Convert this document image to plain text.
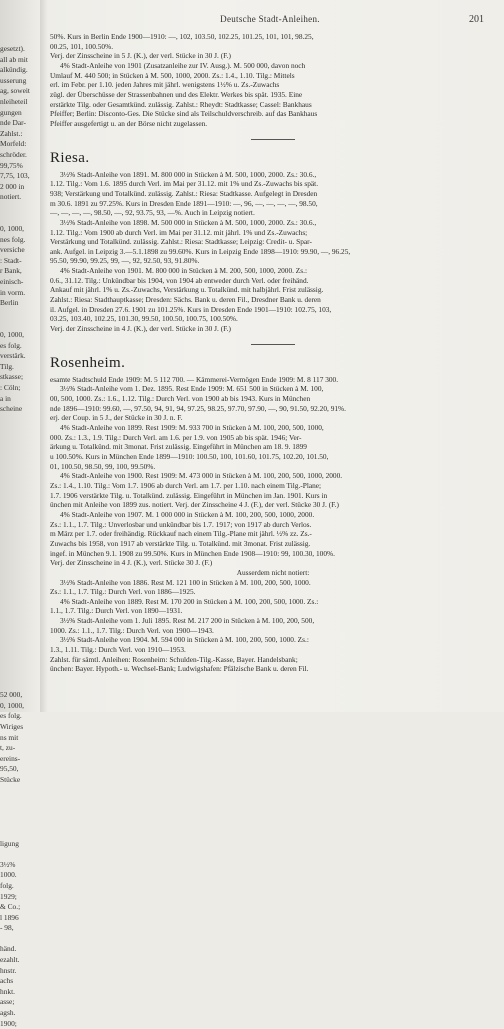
gesetzt).
all ab mit
alkündig.
usserung
ag, soweit
nleiheteil
gungen
nde Dar-
Zahlst.:
Morfeld:
schröder.
99,75%
7,75, 103,
2 000 in
notiert.
0, 1000,
nes folg.
versiche
: Stadt-
r Bank,
einisch-
in vorm.
Berlin
0, 1000,
es folg.
verstärk.
Tilg.
stkasse;
: Cöln;
a in
scheine
52 000,
0, 1000,
es folg.
Wiriges
ns mit
t, zu-
ereins-
95,50,
Stücke
ligung
3½%
1000.
folg.
1929;
& Co.;
l 1896
- 98,
händ.
ezahlt.
hnstr.
achs
hnkt.
asse;
agsh.
1900;
Deutsche Stadt-Anleihen.	201

50%. Kurs in Berlin Ende 1900—1910: —, 102, 103.50, 102.25, 101.25, 101, 101, 98.25,

00.25, 101, 100.50%.

Verj. der Zinsscheine in 5 J. (K.), der verl. Stücke in 30 J. (F.)

4% Stadt-Anleihe von 1901 (Zusatzanleihe zur IV. Ausg.). M. 500 000, davon noch

Umlauf M. 440 500; in Stücken à M. 500, 1000, 2000. Zs.: 1.4., 1.10. Tilg.: Mittels

erl. im Febr. per 1.10. jeden Jahres mit jährl. wenigstens 1½% u. Zs.-Zuwachs

zügl. der Überschüsse der Strassenbahnen und des Elektr. Werkes bis spät. 1935. Eine

erstärkte Tilg. oder Gesamtkünd. zulässig. Zahlst.: Rheydt: Stadtkasse; Cassel: Bankhaus

Pfeiffer; Berlin: Disconto-Ges. Die Stücke sind als Teilschuldverschreib. auf das Bankhaus

Pfeiffer ausgefertigt u. an der Börse nicht zugelassen.

Riesa.

3½% Stadt-Anleihe von 1891. M. 800 000 in Stücken à M. 500, 1000, 2000. Zs.: 30.6.,

1.12. Tilg.: Vom 1.6. 1895 durch Verl. im Mai per 31.12. mit 1% und Zs.-Zuwachs bis spät.

938; Verstärkung und Totalkünd. zulässig. Zahlst.: Riesa: Stadtkasse. Aufgelegt in Dresden

m 30.6. 1891 zu 97.25%. Kurs in Dresden Ende 1891—1910: —, 96, —, —, —, —, 98.50,

—, —, —, —, 98.50, —, 92, 93.75, 93, —%. Auch in Leipzig notiert.

3½% Stadt-Anleihe von 1898. M. 500 000 in Stücken à M. 500, 1000, 2000. Zs.: 30.6.,

1.12. Tilg.: Vom 1900 ab durch Verl. im Mai per 31.12. mit jährl. 1% und Zs.-Zuwachs;

Verstärkung und Totalkünd. zulässig. Zahlst.: Riesa: Stadtkasse; Leipzig: Credit- u. Spar-

ank. Aufgel. in Leipzig 3.—5.1.1898 zu 99.60%. Kurs in Leipzig Ende 1898—1910: 99.90, —, 96.25,

95.50, 99.90, 99.25, 99, —, 92, 92.50, 93, 91.80%.

4% Stadt-Anleihe von 1901. M. 800 000 in Stücken à M. 200, 500, 1000, 2000. Zs.:

0.6., 31.12. Tilg.: Unkündbar bis 1904, von 1904 ab entweder durch Verl. oder freihänd.

Ankauf mit jährl. 1% u. Zs.-Zuwachs, Verstärkung u. Totalkünd. mit halbjährl. Frist zulässig.

Zahlst.: Riesa: Stadthauptkasse; Dresden: Sächs. Bank u. deren Fil., Dresdner Bank u. deren

il. Aufgel. in Dresden 27.6. 1901 zu 101.25%. Kurs in Dresden Ende 1901—1910: 102.75, 103,

03.25, 103.40, 102.25, 101.30, 99.50, 100.50, 100.75, 100.50%.

Verj. der Zinsscheine in 4 J. (K.), der verl. Stücke in 30 J. (F.)

Rosenheim.

esamte Stadtschuld Ende 1909: M. 5 112 700. — Kämmerei-Vermögen Ende 1909: M. 8 117 300.

3½% Stadt-Anleihe vom 1. Dez. 1895. Rest Ende 1909: M. 651 500 in Stücken à M. 100,

00, 500, 1000. Zs.: 1.6., 1.12. Tilg.: Durch Verl. von 1900 ab bis 1943. Kurs in München

nde 1896—1910: 99.60, —, 97.50, 94, 91, 94, 97.25, 98.25, 97.70, 97.90, —, 90, 91.50, 92.20, 91%.

erj. der Coup. in 5 J., der Stücke in 30 J. n. F.

4% Stadt-Anleihe von 1899. Rest 1909: M. 933 700 in Stücken à M. 100, 200, 500, 1000,

000. Zs.: 1.3., 1.9. Tilg.: Durch Verl. am 1.6. per 1.9. von 1905 ab bis spät. 1946; Ver-

ärkung u. Totalkünd. mit 3monat. Frist zulässig. Eingeführt in München am 18. 9. 1899

u 100.50%. Kurs in München Ende 1899—1910: 100.50, 100, 101.60, 101.75, 102.20, 101.50,

01, 100.50, 98.50, 99, 100, 99.50%.

4% Stadt-Anleihe von 1900. Rest 1909: M. 473 000 in Stücken à M. 100, 200, 500, 1000, 2000.

Zs.: 1.4., 1.10. Tilg.: Vom 1.7. 1906 ab durch Verl. am 1.7. per 1.10. nach einem Tilg.-Plane;

1.7. 1906 verstärkte Tilg. u. Totalkünd. zulässig. Eingeführt in München im Jan. 1901. Kurs in

ünchen mit Anleihe von 1899 zus. notiert. Verj. der Zinsscheine 4 J. (F.), der verl. Stücke 30 J. (F.)

4% Stadt-Anleihe von 1907. M. 1 000 000 in Stücken à M. 100, 200, 500, 1000, 2000.

Zs.: 1.1., 1.7. Tilg.: Unverlosbar und unkündbar bis 1.7. 1917; von 1917 ab durch Verlos.

m März per 1.7. oder freihändig. Rückkauf nach einem Tilg.-Plane mit jährl. ½% zz. Zs.-

Zuwachs bis 1958, von 1917 ab verstärkte Tilg. u. Totalkünd. mit 3monat. Frist zulässig.

ingef. in München 9.1. 1908 zu 99.50%. Kurs in München Ende 1908—1910: 99, 100.30, 100%.

Verj. der Zinsscheine in 4 J. (K.), verl. Stücke 30 J. (F.)

Ausserdem nicht notiert:

3½% Stadt-Anleihe von 1886. Rest M. 121 100 in Stücken à M. 100, 200, 500, 1000.

Zs.: 1.1., 1.7. Tilg.: Durch Verl. von 1886—1925.

4% Stadt-Anleihe von 1889. Rest M. 170 200 in Stücken à M. 100, 200, 500, 1000. Zs.:

1.1., 1.7. Tilg.: Durch Verl. von 1890—1931.

3½% Stadt-Anleihe vom 1. Juli 1895. Rest M. 217 200 in Stücken à M. 100, 200, 500,

1000. Zs.: 1.1., 1.7. Tilg.: Durch Verl. von 1900—1943.

3½% Stadt-Anleihe von 1904. M. 594 000 in Stücken à M. 100, 200, 500, 1000. Zs.:

1.3., 1.11. Tilg.: Durch Verl. von 1910—1953.

Zahlst. für sämtl. Anleihen: Rosenheim: Schulden-Tilg.-Kasse, Bayer. Handelsbank;

ünchen: Bayer. Hypoth.- u. Wechsel-Bank; Ludwigshafen: Pfälzische Bank u. deren Fil.
